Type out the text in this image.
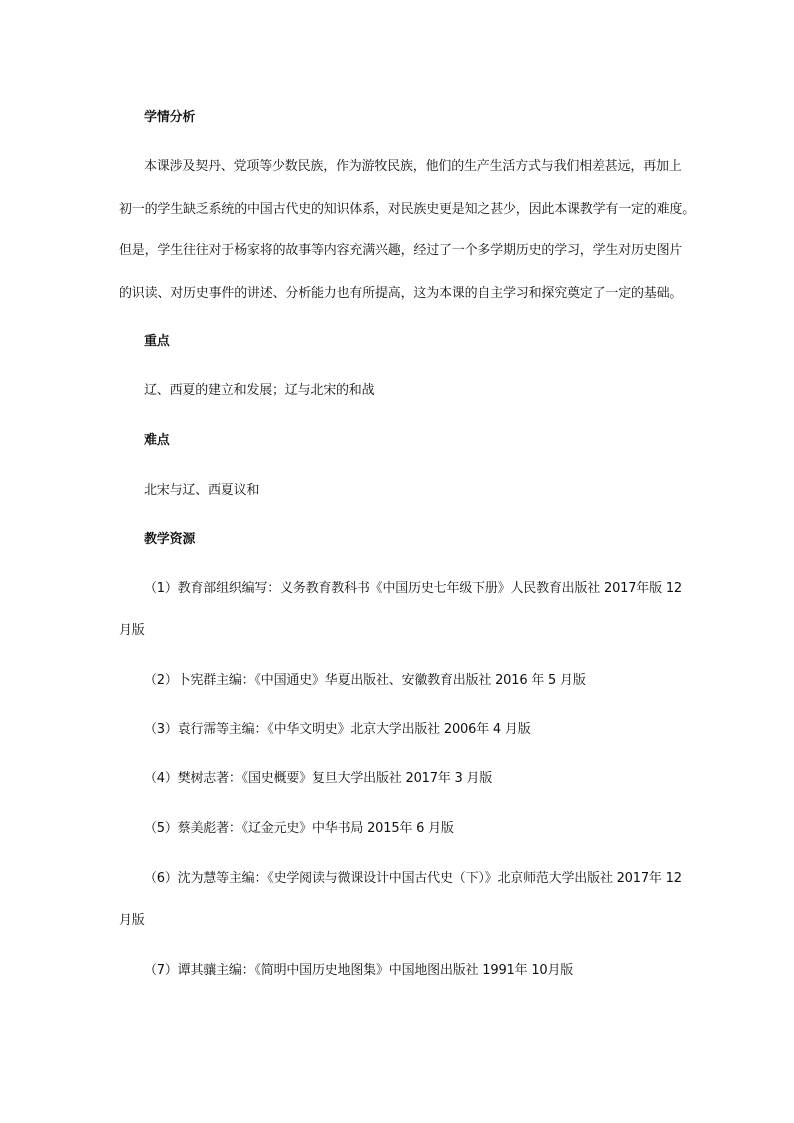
学情分析
本课涉及契丹、党项等少数民族，作为游牧民族，他们的生产生活方式与我们相差甚远，再加上
初一的学生缺乏系统的中国古代史的知识体系，对民族史更是知之甚少，因此本课教学有一定的难度。
但是，学生往往对于杨家将的故事等内容充满兴趣，经过了一个多学期历史的学习，学生对历史图片
的识读、对历史事件的讲述、分析能力也有所提高，这为本课的自主学习和探究奠定了一定的基础。
重点
辽、西夏的建立和发展；辽与北宋的和战
难点
北宋与辽、西夏议和
教学资源
（1）教育部组织编写：义务教育教科书《中国历史七年级下册》人民教育出版社 2017年版 12
月版
（2）卜宪群主编：《中国通史》华夏出版社、安徽教育出版社 2016 年 5 月版
（3）袁行霈等主编：《中华文明史》北京大学出版社 2006年 4 月版
（4）樊树志著：《国史概要》复旦大学出版社 2017年 3 月版
（5）蔡美彪著：《辽金元史》中华书局 2015年 6 月版
（6）沈为慧等主编：《史学阅读与微课设计中国古代史（下）》北京师范大学出版社 2017年 12
月版
（7）谭其骧主编：《简明中国历史地图集》中国地图出版社 1991年 10月版
